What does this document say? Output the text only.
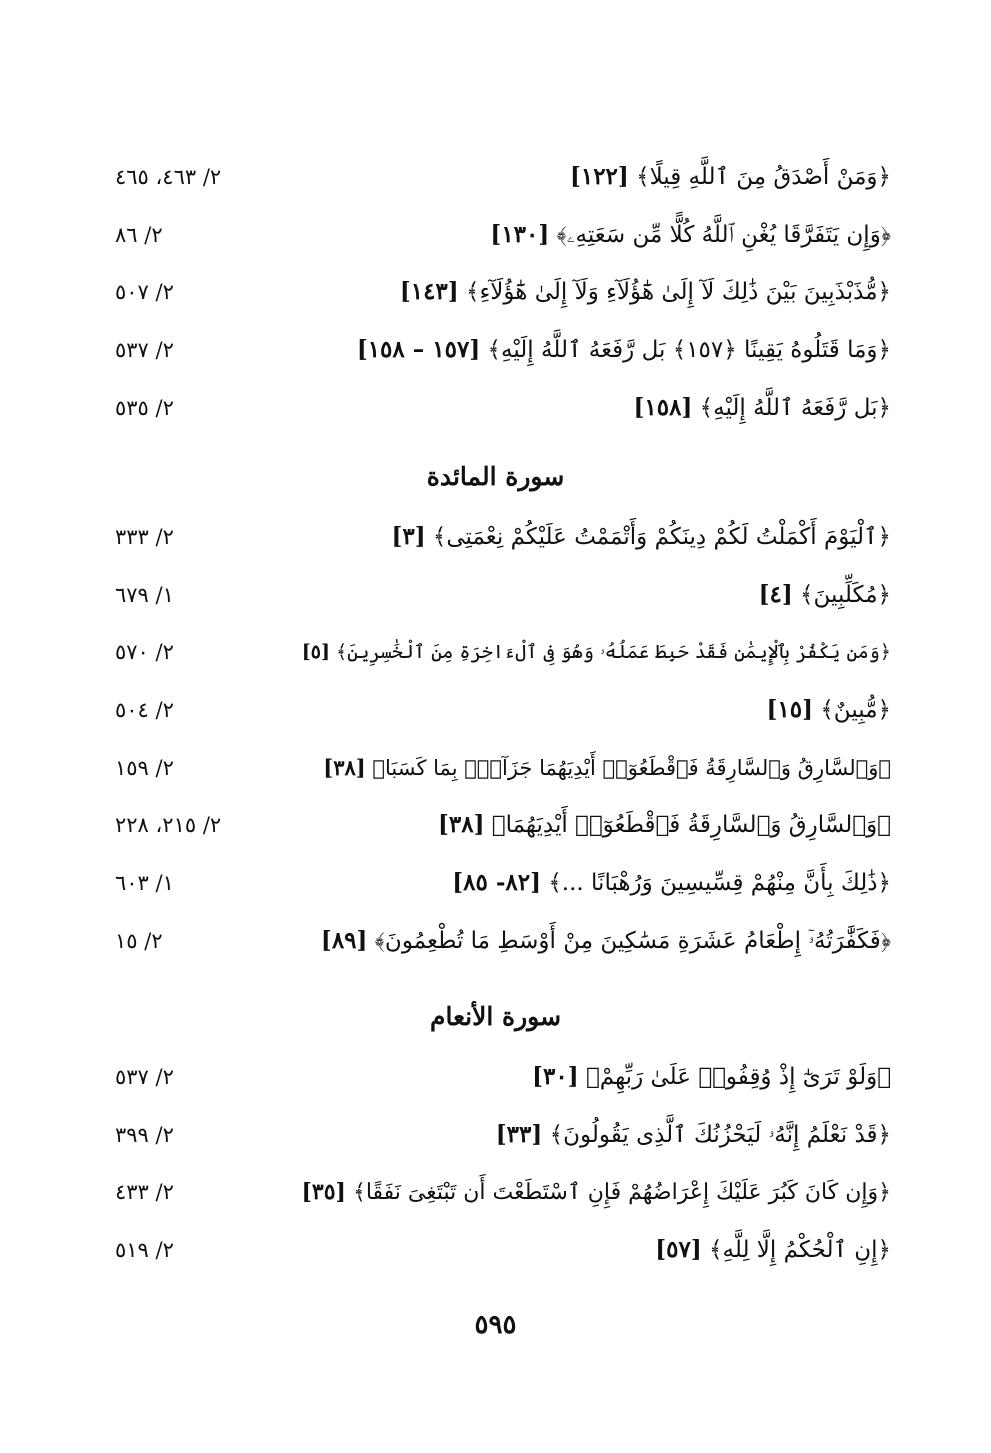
﴿وَمَنْ أَصْدَقُ مِنَ ٱللَّهِ قِيلًا﴾ [١٢٢]
٢/ ٤٦٣، ٤٦٥
﴿وَإِن يَتَفَرَّقَا يُغْنِ ٱللَّهُ كُلًّا مِّن سَعَتِهِۦ﴾ [١٣٠]
٢/ ٨٦
﴿مُّذَبْذَبِينَ بَيْنَ ذَٰلِكَ لَآ إِلَىٰ هَٰٓؤُلَآءِ وَلَآ إِلَىٰ هَٰٓؤُلَآءِ﴾ [١٤٣]
٢/ ٥٠٧
﴿وَمَا قَتَلُوهُ يَقِينًا ﴿١٥٧﴾ بَل رَّفَعَهُ ٱللَّهُ إِلَيْهِ﴾ [١٥٧ – ١٥٨]
٢/ ٥٣٧
﴿بَل رَّفَعَهُ ٱللَّهُ إِلَيْهِ﴾ [١٥٨]
٢/ ٥٣٥
سورة المائدة
﴿ٱلْيَوْمَ أَكْمَلْتُ لَكُمْ دِينَكُمْ وَأَتْمَمْتُ عَلَيْكُمْ نِعْمَتِى﴾ [٣]
٢/ ٣٣٣
﴿مُكَلِّبِينَ﴾ [٤]
١/ ٦٧٩
﴿وَمَن يَكْفُرْ بِٱلْإِيمَٰنِ فَقَدْ حَبِطَ عَمَلُهُۥ وَهُوَ فِى ٱلْءَاخِرَةِ مِنَ ٱلْخَٰسِرِينَ﴾ [٥]
٢/ ٥٧٠
﴿مُّبِينٌ﴾ [١٥]
٢/ ٥٠٤
﴿وَٱلسَّارِقُ وَٱلسَّارِقَةُ فَٱقْطَعُوٓا۟ أَيْدِيَهُمَا جَزَآءًۢ بِمَا كَسَبَا﴾ [٣٨]
٢/ ١٥٩
﴿وَٱلسَّارِقُ وَٱلسَّارِقَةُ فَٱقْطَعُوٓا۟ أَيْدِيَهُمَا﴾ [٣٨]
٢/ ٢١٥، ٢٢٨
﴿ذَٰلِكَ بِأَنَّ مِنْهُمْ قِسِّيسِينَ وَرُهْبَانًا ...﴾ [٨٢- ٨٥]
١/ ٦٠٣
﴿فَكَفَّٰرَتُهُۥٓ إِطْعَامُ عَشَرَةِ مَسَٰكِينَ مِنْ أَوْسَطِ مَا تُطْعِمُونَ﴾ [٨٩]
٢/ ١٥
سورة الأنعام
﴿وَلَوْ تَرَىٰٓ إِذْ وُقِفُوا۟ عَلَىٰ رَبِّهِمْ﴾ [٣٠]
٢/ ٥٣٧
﴿قَدْ نَعْلَمُ إِنَّهُۥ لَيَحْزُنُكَ ٱلَّذِى يَقُولُونَ﴾ [٣٣]
٢/ ٣٩٩
﴿وَإِن كَانَ كَبُرَ عَلَيْكَ إِعْرَاضُهُمْ فَإِنِ ٱسْتَطَعْتَ أَن تَبْتَغِىَ نَفَقًا﴾ [٣٥]
٢/ ٤٣٣
﴿إِنِ ٱلْحُكْمُ إِلَّا لِلَّهِ﴾ [٥٧]
٢/ ٥١٩
٥٩٥
